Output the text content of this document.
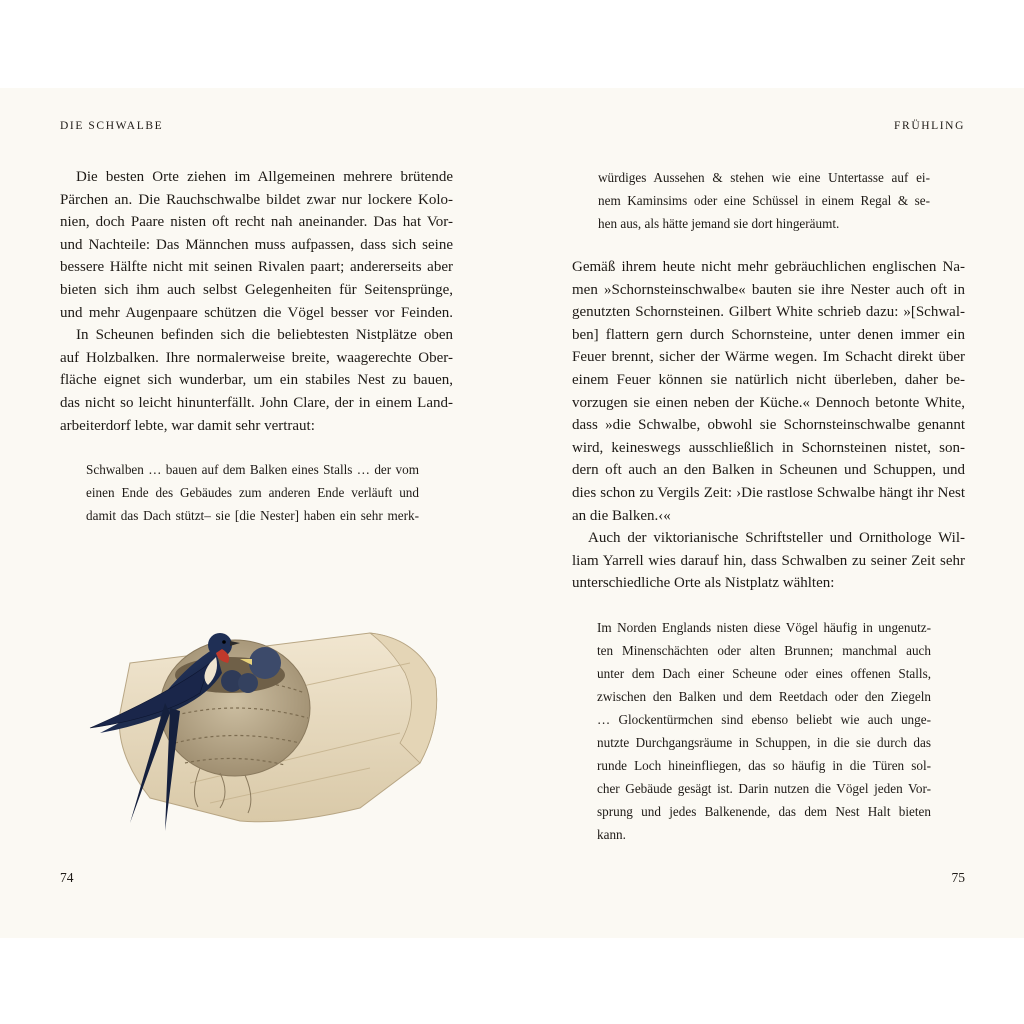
DIE SCHWALBE
Die besten Orte ziehen im Allgemeinen mehrere brütende
Pärchen an. Die Rauchschwalbe bildet zwar nur lockere Kolo-
nien, doch Paare nisten oft recht nah aneinander. Das hat Vor-
und Nachteile: Das Männchen muss aufpassen, dass sich seine
bessere Hälfte nicht mit seinen Rivalen paart; andererseits aber
bieten sich ihm auch selbst Gelegenheiten für Seitensprünge,
und mehr Augenpaare schützen die Vögel besser vor Feinden.
In Scheunen befinden sich die beliebtesten Nistplätze oben
auf Holzbalken. Ihre normalerweise breite, waagerechte Ober-
fläche eignet sich wunderbar, um ein stabiles Nest zu bauen,
das nicht so leicht hinunterfällt. John Clare, der in einem Land-
arbeiterdorf lebte, war damit sehr vertraut:
Schwalben … bauen auf dem Balken eines Stalls … der vom
einen Ende des Gebäudes zum anderen Ende verläuft und
damit das Dach stützt– sie [die Nester] haben ein sehr merk-
74
FRÜHLING
würdiges Aussehen & stehen wie eine Untertasse auf ei-
nem Kaminsims oder eine Schüssel in einem Regal & se-
hen aus, als hätte jemand sie dort hingeräumt.
Gemäß ihrem heute nicht mehr gebräuchlichen englischen Na-
men »Schornsteinschwalbe« bauten sie ihre Nester auch oft in
genutzten Schornsteinen. Gilbert White schrieb dazu: »[Schwal-
ben] flattern gern durch Schornsteine, unter denen immer ein
Feuer brennt, sicher der Wärme wegen. Im Schacht direkt über
einem Feuer können sie natürlich nicht überleben, daher be-
vorzugen sie einen neben der Küche.« Dennoch betonte White,
dass »die Schwalbe, obwohl sie Schornsteinschwalbe genannt
wird, keineswegs ausschließlich in Schornsteinen nistet, son-
dern oft auch an den Balken in Scheunen und Schuppen, und
dies schon zu Vergils Zeit: ›Die rastlose Schwalbe hängt ihr Nest
an die Balken.‹«
Auch der viktorianische Schriftsteller und Ornithologe Wil-
liam Yarrell wies darauf hin, dass Schwalben zu seiner Zeit sehr
unterschiedliche Orte als Nistplatz wählten:
Im Norden Englands nisten diese Vögel häufig in ungenutz-
ten Minenschächten oder alten Brunnen; manchmal auch
unter dem Dach einer Scheune oder eines offenen Stalls,
zwischen den Balken und dem Reetdach oder den Ziegeln
… Glockentürmchen sind ebenso beliebt wie auch unge-
nutzte Durchgangsräume in Schuppen, in die sie durch das
runde Loch hineinfliegen, das so häufig in die Türen sol-
cher Gebäude gesägt ist. Darin nutzen die Vögel jeden Vor-
sprung und jedes Balkenende, das dem Nest Halt bieten
kann.
75
